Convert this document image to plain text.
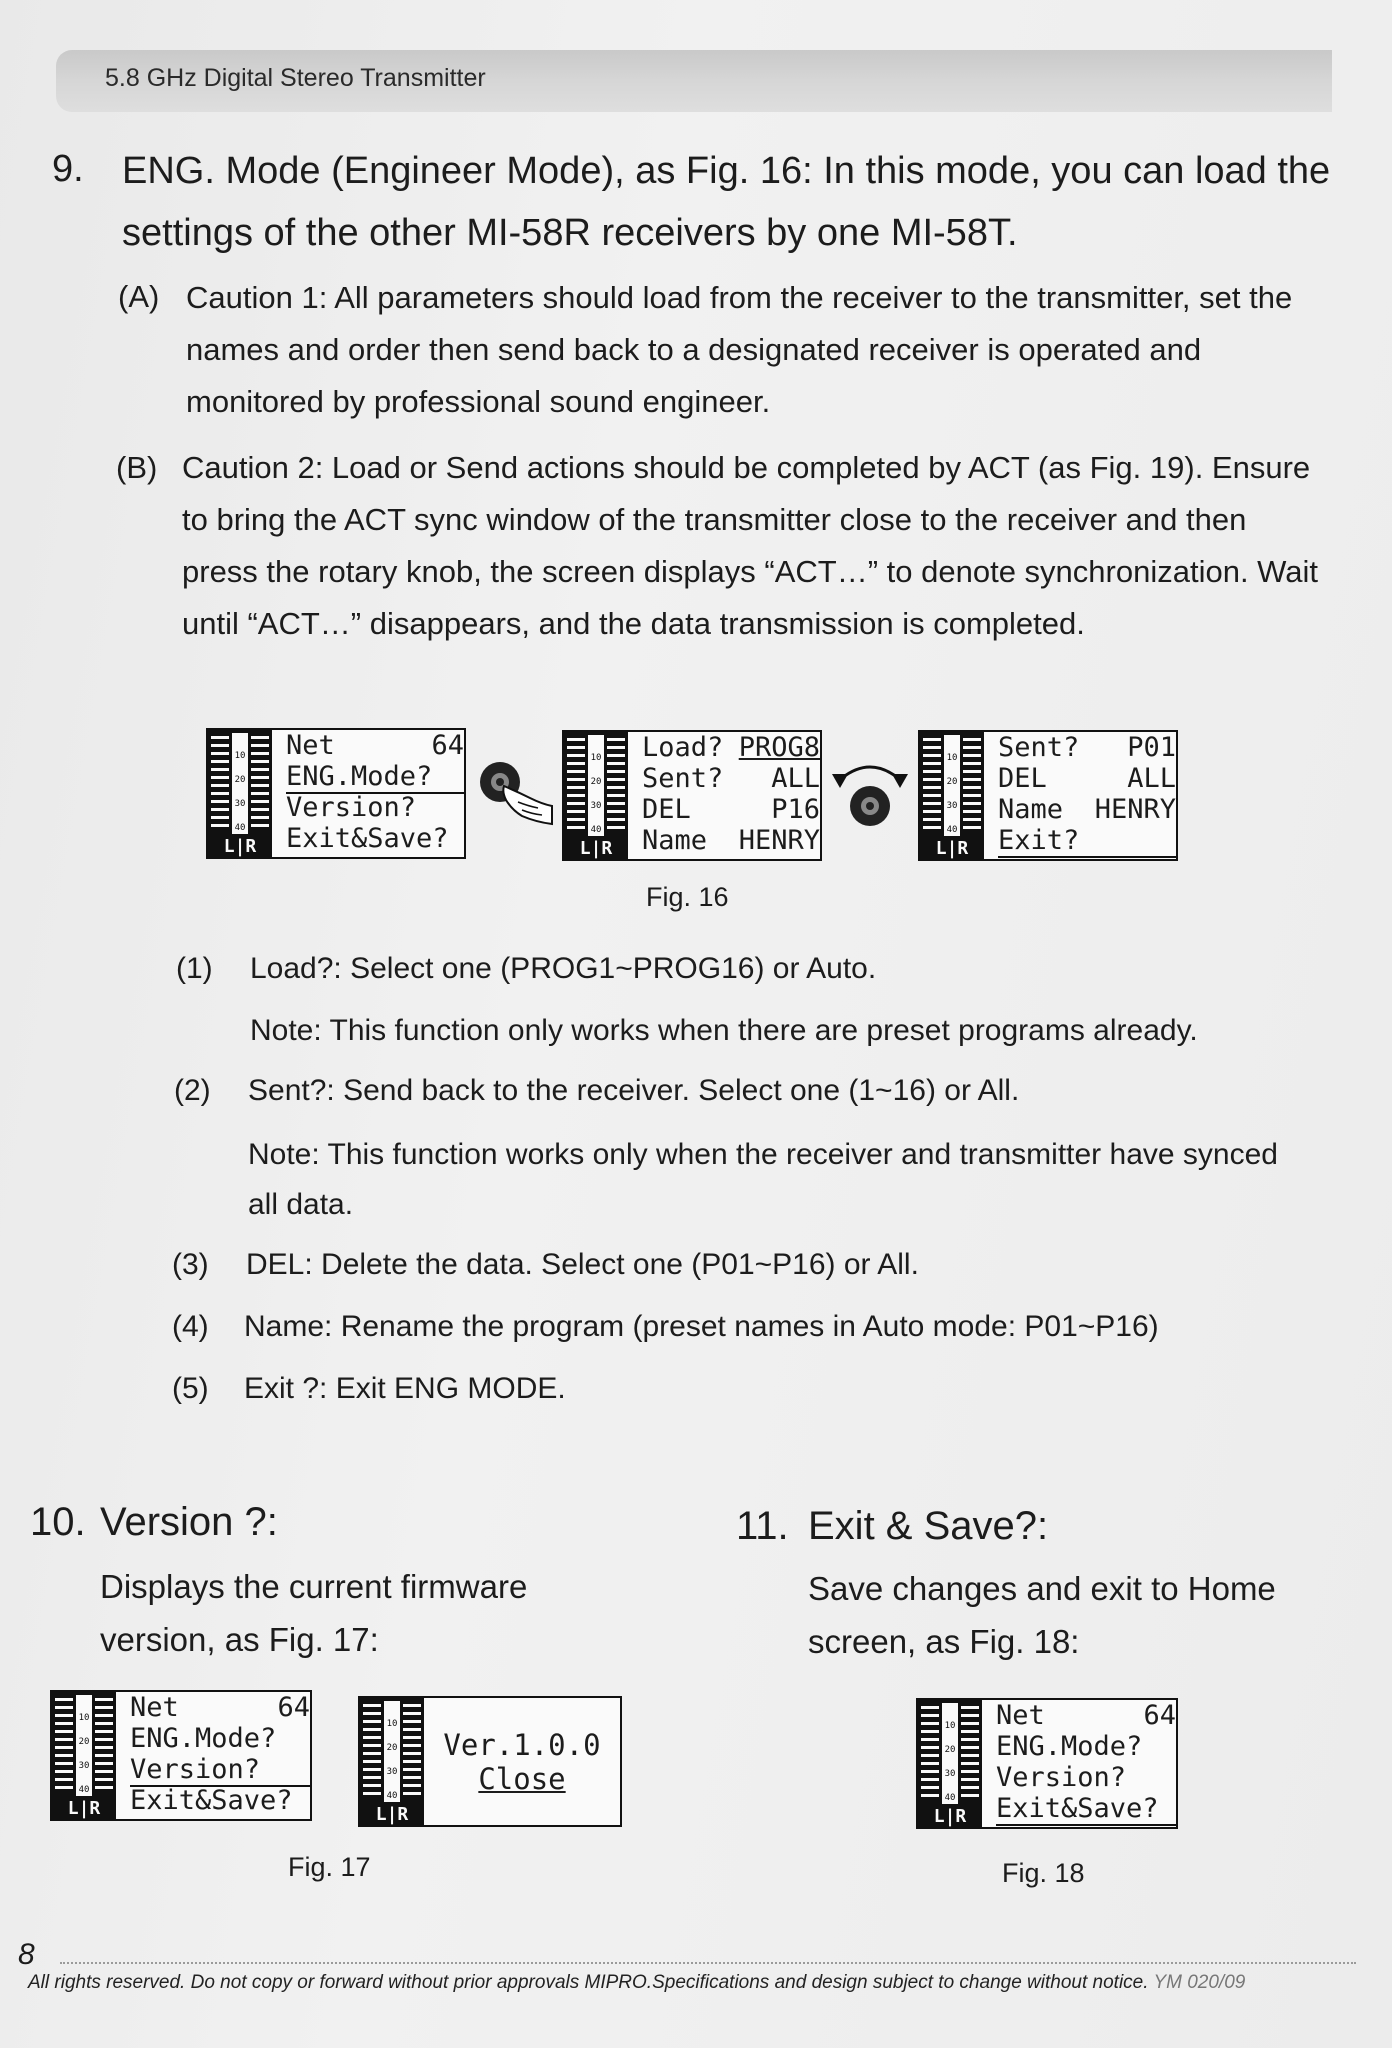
5.8 GHz Digital Stereo Transmitter
9. ENG. Mode (Engineer Mode), as Fig. 16: In this mode, you can load the settings of the other MI-58R receivers by one MI-58T.
(A) Caution 1: All parameters should load from the receiver to the transmitter, set the names and order then send back to a designated receiver is operated and monitored by professional sound engineer.
(B) Caution 2: Load or Send actions should be completed by ACT (as Fig. 19). Ensure to bring the ACT sync window of the transmitter close to the receiver and then press the rotary knob, the screen displays “ACT…” to denote synchronization. Wait until “ACT…” disappears, and the data transmission is completed.
10
20
30
40
L|R
Net	64
ENG.Mode?
Version?
Exit&Save?
10
20
30
40
L|R
Load? PROG8
Sent? ALL
DEL	P16
Name HENRY
10
20
30
40
L|R
Sent? P01
DEL	ALL
Name HENRY
Exit?
Fig. 16
(1) Load?: Select one (PROG1~PROG16) or Auto.
Note: This function only works when there are preset programs already.
(2) Sent?: Send back to the receiver. Select one (1~16) or All.
Note: This function works only when the receiver and transmitter have synced all data.
(3) DEL: Delete the data. Select one (P01~P16) or All.
(4) Name: Rename the program (preset names in Auto mode: P01~P16)
(5) Exit ?: Exit ENG MODE.
10. Version ?:
Displays the current firmware version, as Fig. 17:
10
20
30
40
L|R
Net	64
ENG.Mode?
Version?
Exit&Save?
10
20
30
40
L|R
Ver.1.0.0
Close
Fig. 17
11. Exit & Save?:
Save changes and exit to Home screen, as Fig. 18:
10
20
30
40
L|R
Net	64
ENG.Mode?
Version?
Exit&Save?
Fig. 18
8
All rights reserved. Do not copy or forward without prior approvals MIPRO.Specifications and design subject to change without notice. YM 020/09
